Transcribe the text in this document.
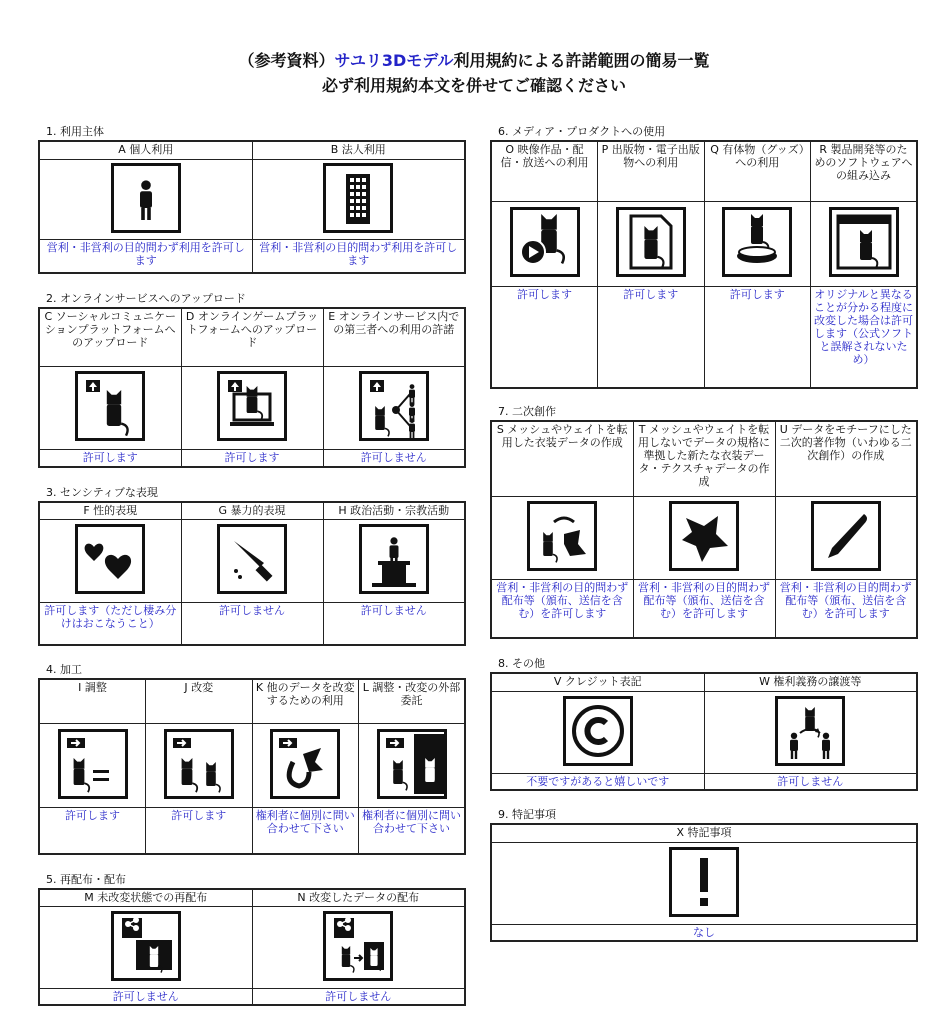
（参考資料）サユリ3Dモデル利用規約による許諾範囲の簡易一覧
必ず利用規約本文を併せてご確認ください
1. 利用主体
A 個人利用	B 法人利用

営利・非営利の目的問わず利用を許可します	営利・非営利の目的問わず利用を許可します
2. オンラインサービスへのアップロード
C ソーシャルコミュニケーションプラットフォームへのアップロード	D オンラインゲームプラットフォームへのアップロード	E オンラインサービス内での第三者への利用の許諾

許可します	許可します	許可しません
3. センシティブな表現
F 性的表現	G 暴力的表現	H 政治活動・宗教活動

許可します（ただし棲み分けはおこなうこと）	許可しません	許可しません
4. 加工
I 調整	J 改変	K 他のデータを改変するための利用	L 調整・改変の外部委託

許可します	許可します	権利者に個別に問い合わせて下さい	権利者に個別に問い合わせて下さい
5. 再配布・配布
M 未改変状態での再配布	N 改変したデータの配布

許可しません	許可しません
6. メディア・プロダクトへの使用
O 映像作品・配信・放送への利用	P 出版物・電子出版物への利用	Q 有体物（グッズ）への利用	R 製品開発等のためのソフトウェアへの組み込み

許可します	許可します	許可します	オリジナルと異なることが分かる程度に改変した場合は許可します（公式ソフトと誤解されないため）
7. 二次創作
S メッシュやウェイトを転用した衣装データの作成	T メッシュやウェイトを転用しないでデータの規格に準拠した新たな衣装データ・テクスチャデータの作成	U データをモチーフにした二次的著作物（いわゆる二次創作）の作成

営利・非営利の目的問わず配布等（頒布、送信を含む）を許可します	営利・非営利の目的問わず配布等（頒布、送信を含む）を許可します	営利・非営利の目的問わず配布等（頒布、送信を含む）を許可します
8. その他
V クレジット表記	W 権利義務の譲渡等

不要ですがあると嬉しいです	許可しません
9. 特記事項
X 特記事項

なし
